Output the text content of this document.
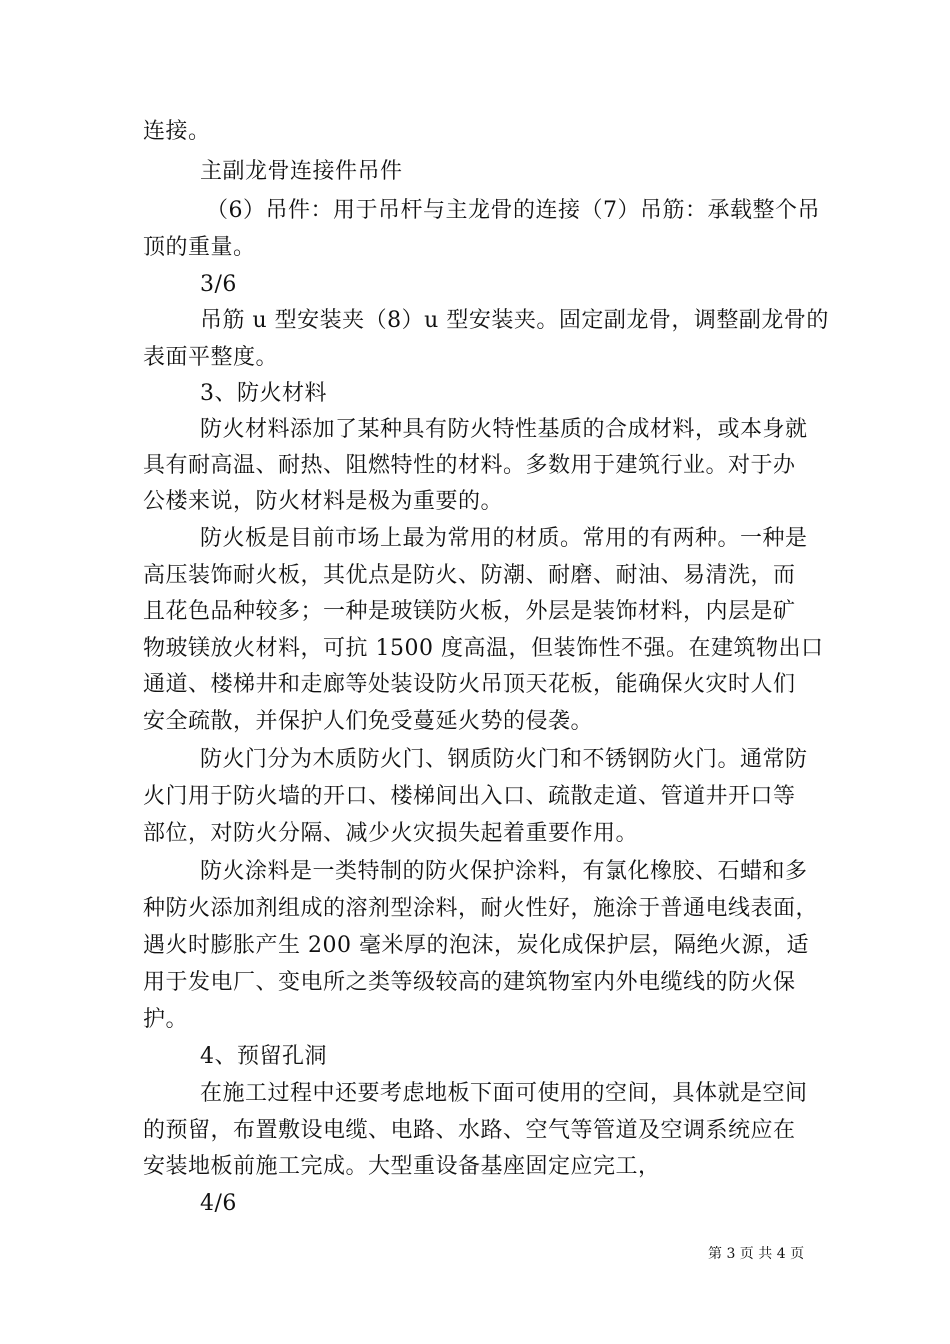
连接。
主副龙骨连接件吊件
（6）吊件：用于吊杆与主龙骨的连接（7）吊筋：承载整个吊
顶的重量。
3/6
吊筋 u 型安装夹（8）u 型安装夹。固定副龙骨，调整副龙骨的
表面平整度。
3、防火材料
防火材料添加了某种具有防火特性基质的合成材料，或本身就
具有耐高温、耐热、阻燃特性的材料。多数用于建筑行业。对于办
公楼来说，防火材料是极为重要的。
防火板是目前市场上最为常用的材质。常用的有两种。一种是
高压装饰耐火板，其优点是防火、防潮、耐磨、耐油、易清洗，而
且花色品种较多；一种是玻镁防火板，外层是装饰材料，内层是矿
物玻镁放火材料，可抗 1500 度高温，但装饰性不强。在建筑物出口
通道、楼梯井和走廊等处装设防火吊顶天花板，能确保火灾时人们
安全疏散，并保护人们免受蔓延火势的侵袭。
防火门分为木质防火门、钢质防火门和不锈钢防火门。通常防
火门用于防火墙的开口、楼梯间出入口、疏散走道、管道井开口等
部位，对防火分隔、减少火灾损失起着重要作用。
防火涂料是一类特制的防火保护涂料，有氯化橡胶、石蜡和多
种防火添加剂组成的溶剂型涂料，耐火性好，施涂于普通电线表面，
遇火时膨胀产生 200 毫米厚的泡沫，炭化成保护层，隔绝火源，适
用于发电厂、变电所之类等级较高的建筑物室内外电缆线的防火保
护。
4、预留孔洞
在施工过程中还要考虑地板下面可使用的空间，具体就是空间
的预留，布置敷设电缆、电路、水路、空气等管道及空调系统应在
安装地板前施工完成。大型重设备基座固定应完工，
4/6
第 3 页 共 4 页
